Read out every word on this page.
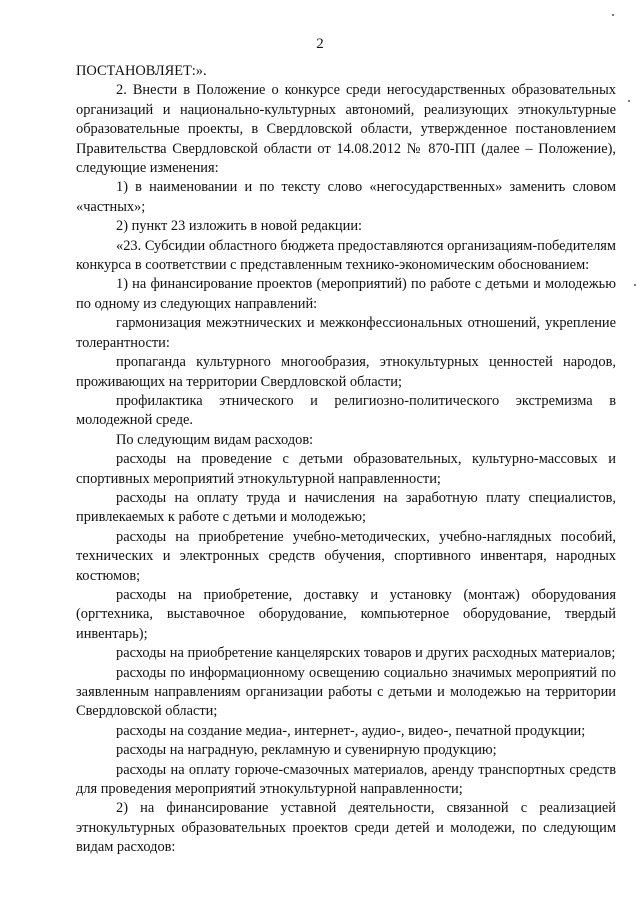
2

ПОСТАНОВЛЯЕТ:».

2. Внести в Положение о конкурсе среди негосударственных образовательных организаций и национально-культурных автономий, реализующих этнокультурные образовательные проекты, в Свердловской области, утвержденное постановлением Правительства Свердловской области от 14.08.2012 № 870-ПП (далее – Положение), следующие изменения:

1) в наименовании и по тексту слово «негосударственных» заменить словом «частных»;

2) пункт 23 изложить в новой редакции:

«23. Субсидии областного бюджета предоставляются организациям-победителям конкурса в соответствии с представленным технико-экономическим обоснованием:

1) на финансирование проектов (мероприятий) по работе с детьми и молодежью по одному из следующих направлений:

гармонизация межэтнических и межконфессиональных отношений, укрепление толерантности:

пропаганда культурного многообразия, этнокультурных ценностей народов, проживающих на территории Свердловской области;

профилактика этнического и религиозно-политического экстремизма в молодежной среде.

По следующим видам расходов:

расходы на проведение с детьми образовательных, культурно-массовых и спортивных мероприятий этнокультурной направленности;

расходы на оплату труда и начисления на заработную плату специалистов, привлекаемых к работе с детьми и молодежью;

расходы на приобретение учебно-методических, учебно-наглядных пособий, технических и электронных средств обучения, спортивного инвентаря, народных костюмов;

расходы на приобретение, доставку и установку (монтаж) оборудования (оргтехника, выставочное оборудование, компьютерное оборудование, твердый инвентарь);

расходы на приобретение канцелярских товаров и других расходных материалов;

расходы по информационному освещению социально значимых мероприятий по заявленным направлениям организации работы с детьми и молодежью на территории Свердловской области;

расходы на создание медиа-, интернет-, аудио-, видео-, печатной продукции;

расходы на наградную, рекламную и сувенирную продукцию;

расходы на оплату горюче-смазочных материалов, аренду транспортных средств для проведения мероприятий этнокультурной направленности;

2) на финансирование уставной деятельности, связанной с реализацией этнокультурных образовательных проектов среди детей и молодежи, по следующим видам расходов:
